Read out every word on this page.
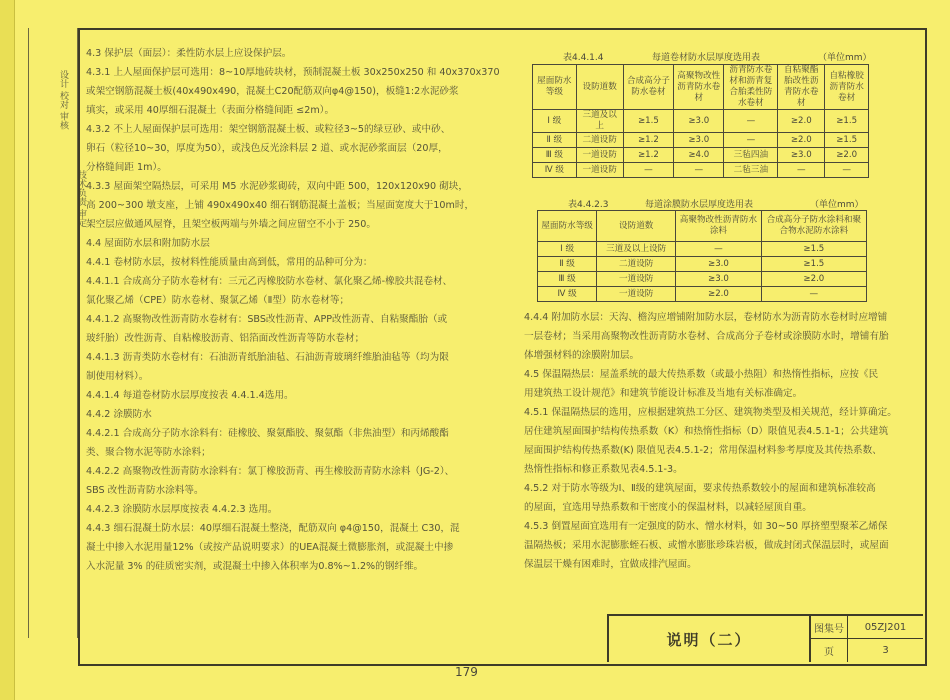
设计 校对 审核
技术负责 审定

4.3 保护层（面层）：柔性防水层上应设保护层。

4.3.1 上人屋面保护层可选用：8~10厚地砖块材，预制混凝土板 30x250x250 和 40x370x370

或架空钢筋混凝土板(40x490x490，混凝土C20配筋双向φ4@150)，板缝1:2水泥砂浆

填实，或采用 40厚细石混凝土（表面分格缝间距 ≤2m）。

4.3.2 不上人屋面保护层可选用：架空钢筋混凝土板、或粒径3~5的绿豆砂、或中砂、

卵石（粒径10~30，厚度为50），或浅色反光涂料层 2 道、或水泥砂浆面层（20厚，

分格缝间距 1m）。

4.3.3 屋面架空隔热层，可采用 M5 水泥砂浆砌砖，双向中距 500，120x120x90 砌块，

高 200~300 墩支座，上铺 490x490x40 细石钢筋混凝土盖板；当屋面宽度大于10m时，

架空层应做通风屋脊，且架空板两端与外墙之间应留空不小于 250。

4.4 屋面防水层和附加防水层

4.4.1 卷材防水层，按材料性能质量由高到低，常用的品种可分为：

4.4.1.1 合成高分子防水卷材有：三元乙丙橡胶防水卷材、氯化聚乙烯-橡胶共混卷材、

氯化聚乙烯（CPE）防水卷材、聚氯乙烯（Ⅱ型）防水卷材等；

4.4.1.2 高聚物改性沥青防水卷材有：SBS改性沥青、APP改性沥青、自粘聚酯胎（或

玻纤胎）改性沥青、自粘橡胶沥青、铝箔面改性沥青等防水卷材；

4.4.1.3 沥青类防水卷材有：石油沥青纸胎油毡、石油沥青玻璃纤维胎油毡等（均为限

制使用材料）。

4.4.1.4 每道卷材防水层厚度按表 4.4.1.4选用。

4.4.2 涂膜防水

4.4.2.1 合成高分子防水涂料有：硅橡胶、聚氨酯胶、聚氨酯（非焦油型）和丙烯酸酯

类、聚合物水泥等防水涂料；

4.4.2.2 高聚物改性沥青防水涂料有：氯丁橡胶沥青、再生橡胶沥青防水涂料（JG-2）、

SBS 改性沥青防水涂料等。

4.4.2.3 涂膜防水层厚度按表 4.4.2.3 选用。

4.4.3 细石混凝土防水层：40厚细石混凝土整浇，配筋双向 φ4@150，混凝土 C30，混

凝土中掺入水泥用量12%（或按产品说明要求）的UEA混凝土微膨胀剂，或混凝土中掺

入水泥量 3% 的硅质密实剂，或混凝土中掺入体积率为0.8%~1.2%的钢纤维。

表4.4.1.4	每道卷材防水层厚度选用表	（单位mm）
屋面防水等级	设防道数	合成高分子防水卷材	高聚物改性沥青防水卷材	沥青防水卷材和沥青复合胎柔性防水卷材	自粘聚酯胎改性沥青防水卷材	自粘橡胶沥青防水卷材
Ⅰ 级	三道及以上	≥1.5	≥3.0	—	≥2.0	≥1.5
Ⅱ 级	二道设防	≥1.2	≥3.0	—	≥2.0	≥1.5
Ⅲ 级	一道设防	≥1.2	≥4.0	三毡四油	≥3.0	≥2.0
Ⅳ 级	一道设防	—	—	二毡三油	—	—
表4.4.2.3	每道涂膜防水层厚度选用表	（单位mm）
屋面防水等级	设防道数	高聚物改性沥青防水涂料	合成高分子防水涂料和聚合物水泥防水涂料
Ⅰ 级	三道及以上设防	—	≥1.5
Ⅱ 级	二道设防	≥3.0	≥1.5
Ⅲ 级	一道设防	≥3.0	≥2.0
Ⅳ 级	一道设防	≥2.0	—

4.4.4 附加防水层：天沟、檐沟应增铺附加防水层，卷材防水为沥青防水卷材时应增铺

一层卷材；当采用高聚物改性沥青防水卷材、合成高分子卷材或涂膜防水时，增铺有胎

体增强材料的涂膜附加层。

4.5 保温隔热层：屋盖系统的最大传热系数（或最小热阻）和热惰性指标，应按《民

用建筑热工设计规范》和建筑节能设计标准及当地有关标准确定。

4.5.1 保温隔热层的选用，应根据建筑热工分区、建筑物类型及相关规范，经计算确定。

居住建筑屋面围护结构传热系数（K）和热惰性指标（D）限值见表4.5.1-1；公共建筑

屋面围护结构传热系数(K) 限值见表4.5.1-2；常用保温材料参考厚度及其传热系数、

热惰性指标和修正系数见表4.5.1-3。

4.5.2 对于防水等级为Ⅰ、Ⅱ级的建筑屋面，要求传热系数较小的屋面和建筑标准较高

的屋面，宜选用导热系数和干密度小的保温材料，以减轻屋顶自重。

4.5.3 倒置屋面宜选用有一定强度的防水、憎水材料，如 30~50 厚挤塑型聚苯乙烯保

温隔热板；采用水泥膨胀蛭石板、或憎水膨胀珍珠岩板，做成封闭式保温层时，或屋面

保温层干燥有困难时，宜做成排汽屋面。

说明（二）
图集号	05ZJ201
页	3
179
